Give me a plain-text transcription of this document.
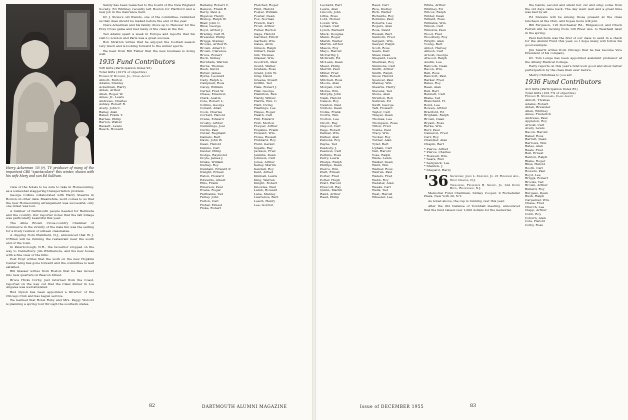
Harry Ackerman '35 (r), TV producer of many of the important CBS "spectaculars" this winter, shown with his wife Mary and son Ed Sullivan.

view of the hotels to be sure to take in Homecoming, as a somewhat staggering transportation problem.

George Collins collaborated with Harry Stearns in Boston on other data. Meanwhile, word comes to us that the new Homecoming arrangement was successful; only one ticket was lost.

A number of Dartmouth people headed for Bermuda and the country. Our reporter notes that the fall foliage was particularly beautiful this year.

The Albie Brown Cross-country Chamber of Commerce in the vicinity of the Gala Inn was the setting for a lively reunion of sixteen classmates.

A clipping from Plainfield, N.J., announced that W. J. O'Brien will be running the restaurant near the south end of the town.

In Peterborough, N.H., the Governor stopped on the way to Canterbury. Jim Whittemore, and his new house with a fine view of the hills.

Post Hoyt writes that the work on the new Hopkins Center wing has gone forward and the committee is well satisfied.

Bill Glasser writes from Boston that he has moved into new quarters on Beacon Street.

Bruce Hicks Corby, just returned from the Coast, reported on the way out that the Class dinner in Los Angeles was well attended.

Bud Dyson has been appointed a Director of the Chicago Club and has begun service.

We learned that Hotel Ruby and Mrs. Peggy Wolcott is planning a spring tour through the southern states.

Sandy has been reelected to the board of the New England Society. Ed Whitney recently left Boston for Hartford and a new job in the insurance field.

Dr. J. Stone's old friends, one of the committee, reminded us that dues should be mailed before the end of the year.

Clare Ackerman and his family drove up to Hanover for the Holy Cross game and met many of the class at the Inn.

Ted Adams spent a week in Europe and reports that his visit to London and Paris was a great success.

Bob Stratton writes that he enjoyed the football season very much and is looking forward to the winter sports.

We hear from Bill Fisher that the new business is doing well.

1935 Fund Contributors
528 Gifts (Participation Index 95)
Total Gifts (101% of objective)
Edward P. Dunham, Jr., Class Agent
Abbott, Burton
Adams, Stanley
Ackerman, Harry
Alden, Arthur
Allen, Roger W.
Ames, Jr., Lewis
Andrews, Charles
Ashley, Robert R.
Avery, John C.
Bailey, Alan
Baker, Frank T.
Barnes, Philip
Barton, Walter
Bassett, Lewis
Beach, Howard
Bellamy, Robert C.
Benson, Frank R.
Berry, Paul A.
Bigelow, Henry
Bishop, Ralph W.
Blair, John C.
Bliss, George
Boyd, Arthur J.
Bradley, Carl H.
Brewster, Philip
Briggs, Stanley
Brooks, Arthur B.
Brown, Albert C.
Brown, Clarence
Bruce, Robert
Buck, Sidney
Burnham, Warren
Burns, Thomas
Bush, David
Butler, James
Byrne, Leonard
Cady, Ralph A.
Campbell, Ross
Carey, William
Carter, Fred W.
Chase, Emerson
Clark, Austin
Cole, Robert L.
Collins, George
Conant, Allan
Cook, Charles
Corbett, Harold
Crane, Edward
Crosby, Arthur
Cummings, Joel
Curtis, Paul
Cutler, Reginald
Daniels, Bert
Davis, John W.
Dean, Harold
Dennis, Carl
Dexter, Philip
Dodge, Raymond
Doyle, James J.
Drake, William
Dudley, Roy
Dunham, Edward P.
Dwight, Ernest
Eaton, Howard
Edwards, Albert
Ellis, Frank
Emerson, Paul
Evans, Roger
Fairbanks, Ted
Farley, John
Felton, Carl
Fisher, Ernest
Fiske, Robert
Fletcher, Roger
Flint, Harold
Foster, William
Fowler, Dean
Fox, Norman
French, Karl
Frost, Arthur
Fuller, Burton
Gage, Harold
Gardner, Elliott
Garfield, Wm.
Gates, Alvin
Gibson, Ralph
Gilbert, Dean
Gill, Thomas
Glasser, Wm.
Goodrich, Paul
Gould, Walter
Graham, Ross
Grant, John W.
Gray, David
Greene, Stuart
Griffin, Ted
Hale, Robert J.
Hall, George
Hamilton, Ben
Hardy, Wilbur
Harris, Wm. C.
Hart, Irving
Hastings, Lee
Hayes, Roger
Heath, Carl
Hill, Edward
Holt, Morton
Hooper, Arthur
Hopkins, Frank
Howard, Wm.
Howe, Russell
Hubbard, Roy
Hunt, Gerald
Ingalls, Ray
Jackson, Fred
Jenkins, Dean
Johnson, Carl
Jones, Arthur
Kelley, Martin
Kendall, Roy
Kent, Alfred
Kimball, Lewis
King, Warren
Knight, Robert
Knowles, Paul
Lamb, Howard
Lane, Stanley
Lawrence, Bert
Leach, Henry
Lee, Gordon
82	DARTMOUTH ALUMNI MAGAZINE
Leonard, Earl
Lewis, Alan
Lincoln, John
Little, Ross
Lord, Homer
Lovell, Wm.
Lyman, Carl
Lynch, Bernard
Mack, Douglas
Mann, Roger
Marsh, Walter
Martin, Arthur
Mason, Roy
Mayo, Harold
McCarthy, J.
McGrath, Ed.
McLean, Dean
Mead, Philip
Merrill, Paul
Miller, Fred
Mills, Robert
Mitchell, Ross
Moore, Alan
Morgan, Carl
Morse, Wm.
Murphy, John
Nash, Harold
Nelson, Roy
Newton, Paul
Nichols, Dean
Noble, Frank
Norris, Wm.
Norton, Lee
Olcott, Ray
Osgood, Carl
Page, Robert
Palmer, Wm.
Parker, Alan
Parsons, Roy
Payne, Ted
Peabody, J.
Pearson, Carl
Perkins, Ross
Perry, Lewis
Phelps, Ralph
Phillips, Dean
Pierce, Wm.
Platt, Ernest
Porter, Fred
Potter, Hugh
Pratt, Harold
Prescott, Ray
Quinn, Martin
Rand, Arthur
Read, Philip
Reed, Carl
Rice, Dudley
Rich, Walter
Richards, Roy
Robbins, Paul
Roberts, Lee
Rogers, Alan
Ross, David
Russell, Bert
Sanborn, Fred
Sargent, Wm.
Sawyer, Ralph
Scott, Ross
Sears, Karl
Shaw, Dean
Shepard, Lewis
Sherman, Roy
Simmons, Carl
Smith, Arthur
Smith, Ralph
Snow, Harold
Spencer, Paul
Stanley, Wm.
Stearns, Harry
Stevens, Ted
Stone, Alan
Stratton, Bob
Sullivan, Ed
Swift, George
Taft, Howard
Taylor, Carl
Thayer, Dean
Thomas, Lee
Thompson, Ross
Tilton, Fred
Towne, Paul
Tracy, Wm.
Tucker, Roy
Turner, Alan
Tyler, Bert
Upham, Carl
Vail, Harold
Vose, Ralph
Wade, Lewis
Walker, Dean
Ward, Wm.
Warner, Ross
Warren, Paul
Waters, Fred
Webb, Roy
Webster, Alan
Weeks, Carl
Wells, Ted
West, Harold
Wheeler, Lee
White, Arthur
Whitney, Ed
Wilcox, Ralph
Wilder, Dean
Willard, Ross
Williams, Wm.
Wilson, Carl
Winslow, Paul
Wood, Fred
Woodbury, Roy
Wright, Alan
Young, Bert
Abbot, Harvey
Allison, Carl
Arnold, George
Atwood, Ralph
Austin, Lee
Babcock, Dean
Bacon, Wm.
Ball, Ross
Bancroft, Paul
Barker, Fred
Bates, Roy
Bean, Alan
Bell, Bert
Bennett, Carl
Blake, Ted
Blanchard, H.
Bond, Lee
Bowen, Arthur
Bradford, Ed
Brigham, Ralph
Brown, Dean
Bryant, Ross
Burke, Wm.
Burr, Paul
Cameron, Fred
Carr, Roy
Chandler, Alan
Chapin, Bert
* Pierce, Alfred
* Pierce, Charles
* Roswell, Wm.
* Sears, Bud
* Sedgwick, Lee
* Sheldon, J.
* Shepard, Harry
'36 Secretary, John L. Sweeney, Jr. 21 Ridgeway Ave., West Orange, N.J.
Treasurer, Frederick B. Seelye, Jr. 124 Upper Blvd., Ridgewood, N.J.

Memorial Fund Chairman, Sidney Cooper, 9 Rockefeller Plaza, New York 20, N.Y.

As noted above, the cup is running over this year.

After the Old Defense of Townhall meeting, announced that the fund raised over 1,000 dollars for the memorial.

the bands, second and silent but cut and sing; some from the old days came back. The day went well and a great time was had by all.

Ed Stevens will be among those present at the class luncheon at the Club, and hopes more will join.

Bill Ferguson, 116 Dorchester Rd., Ridgewood, and Chuck Ferrell will be moving from 126 River Ave. to Westfield later in the spring.

Paul Ketchum was the first of our class to send in a check for the Alumni Fund this year, so I hope many will follow his good example.

Jim Swartz writes from Chicago that he has become Vice President of his company.

Dr. Tom Longe has been appointed assistant professor at the Albany Medical College.

Early reports on this year's fund look good and show better participation by the class than ever before.

Merry Christmas to you all!

1936 Fund Contributors
413 Gifts (Participation Index 85)
Total Gifts (102.7% of objective)
Hudson B. Stoddard, Class Agent
Abbott, Thomas
Adams, Robert
Alden, Brewster
Allen, Whitney
Ames, Frederick
Andrews, Paul
Appleton, Roy
Arnold, Carl
Avery, Lewis
Bacon, Harold
Baker, Ross
Barrett, Dean
Barrows, Wm.
Bates, Alan
Beals, Fred
Bell, Ernest
Benton, Ralph
Blake, Roger
Bliss, Harold
Booth, Carl
Bowers, Paul
Boyd, Lee
Briggs, Robert
Brooks, Ted
Brown, Arthur
Bullard, Roy
Burgess, Dean
Bush, Ralph
Carpenter, Wm.
Chase, Fred
Church, Lee
Clapp, Arthur
Cobb, Roy
Coburn, Alan
Cole, Harold
Colby, Ross
Issue of DECEMBER 1955	83
